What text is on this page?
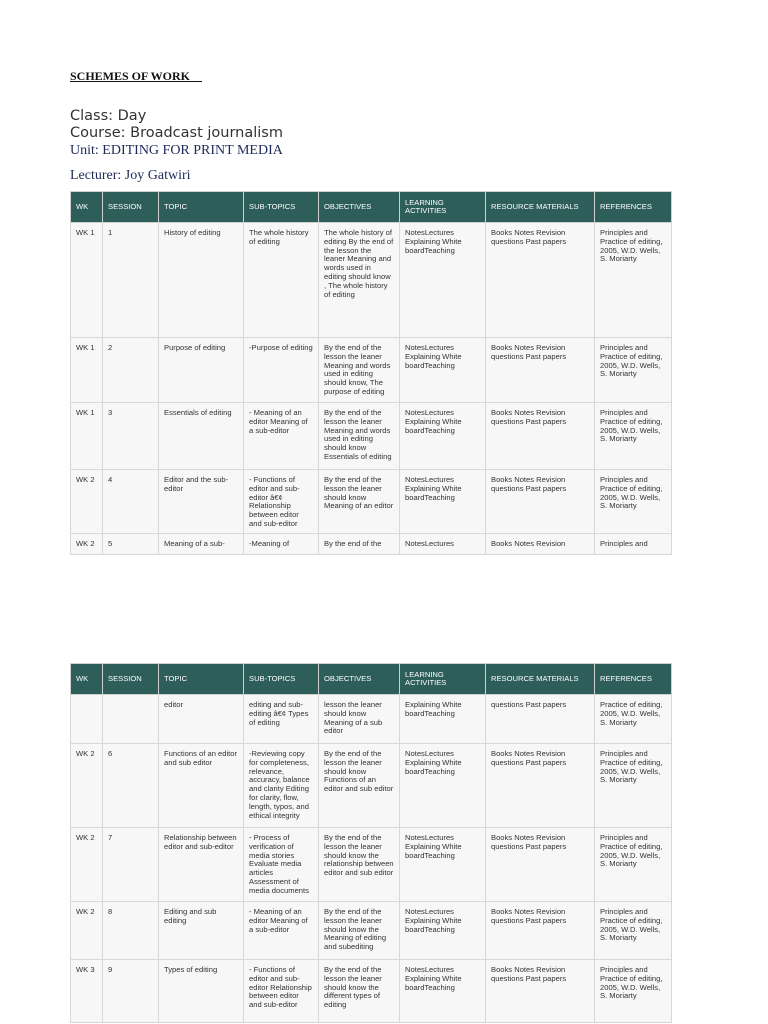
SCHEMES OF WORK
Class: Day
Course: Broadcast journalism
Unit: EDITING FOR PRINT MEDIA
Lecturer: Joy Gatwiri
WK	SESSION	TOPIC	SUB-TOPICS	OBJECTIVES	LEARNING ACTIVITIES	RESOURCE MATERIALS	REFERENCES
WK 1	1	History of editing	The whole history of editing	The whole history of editing By the end of the lesson the leaner Meaning and words used in editing should know , The whole history of editing	NotesLectures Explaining White boardTeaching	Books Notes Revision questions Past papers	Principles and Practice of editing, 2005, W.D. Wells, S. Moriarty
WK 1	2	Purpose of editing	-Purpose of editing	By the end of the lesson the leaner Meaning and words used in editing should know, The purpose of editing	NotesLectures Explaining White boardTeaching	Books Notes Revision questions Past papers	Principles and Practice of editing, 2005, W.D. Wells, S. Moriarty
WK 1	3	Essentials of editing	- Meaning of an editor Meaning of a sub-editor	By the end of the lesson the leaner Meaning and words used in editing should know Essentials of editing	NotesLectures Explaining White boardTeaching	Books Notes Revision questions Past papers	Principles and Practice of editing, 2005, W.D. Wells, S. Moriarty
WK 2	4	Editor and the sub-editor	- Functions of editor and sub-editor â€¢ Relationship between editor and sub-editor	By the end of the lesson the leaner should know Meaning of an editor	NotesLectures Explaining White boardTeaching	Books Notes Revision questions Past papers	Principles and Practice of editing, 2005, W.D. Wells, S. Moriarty
WK 2	5	Meaning of a sub-	-Meaning of	By the end of the	NotesLectures	Books Notes Revision	Principles and
WK	SESSION	TOPIC	SUB-TOPICS	OBJECTIVES	LEARNING ACTIVITIES	RESOURCE MATERIALS	REFERENCES
		editor	editing and sub-editing â€¢ Types of editing	lesson the leaner should know Meaning of a sub editor	Explaining White boardTeaching	questions Past papers	Practice of editing, 2005, W.D. Wells, S. Moriarty
WK 2	6	Functions of an editor and sub editor	-Reviewing copy for completeness, relevance, accuracy, balance and clarity Editing for clarity, flow, length, typos, and ethical integrity	By the end of the lesson the leaner should know Functions of an editor and sub editor	NotesLectures Explaining White boardTeaching	Books Notes Revision questions Past papers	Principles and Practice of editing, 2005, W.D. Wells, S. Moriarty
WK 2	7	Relationship between editor and sub-editor	- Process of verification of media stories Evaluate media articles Assessment of media documents	By the end of the lesson the leaner should know the relationship between editor and sub editor	NotesLectures Explaining White boardTeaching	Books Notes Revision questions Past papers	Principles and Practice of editing, 2005, W.D. Wells, S. Moriarty
WK 2	8	Editing and sub editing	- Meaning of an editor Meaning of a sub-editor	By the end of the lesson the leaner should know the Meaning of editing and subediting	NotesLectures Explaining White boardTeaching	Books Notes Revision questions Past papers	Principles and Practice of editing, 2005, W.D. Wells, S. Moriarty
WK 3	9	Types of editing	- Functions of editor and sub-editor Relationship between editor and sub-editor	By the end of the lesson the leaner should know the different types of editing	NotesLectures Explaining White boardTeaching	Books Notes Revision questions Past papers	Principles and Practice of editing, 2005, W.D. Wells, S. Moriarty
